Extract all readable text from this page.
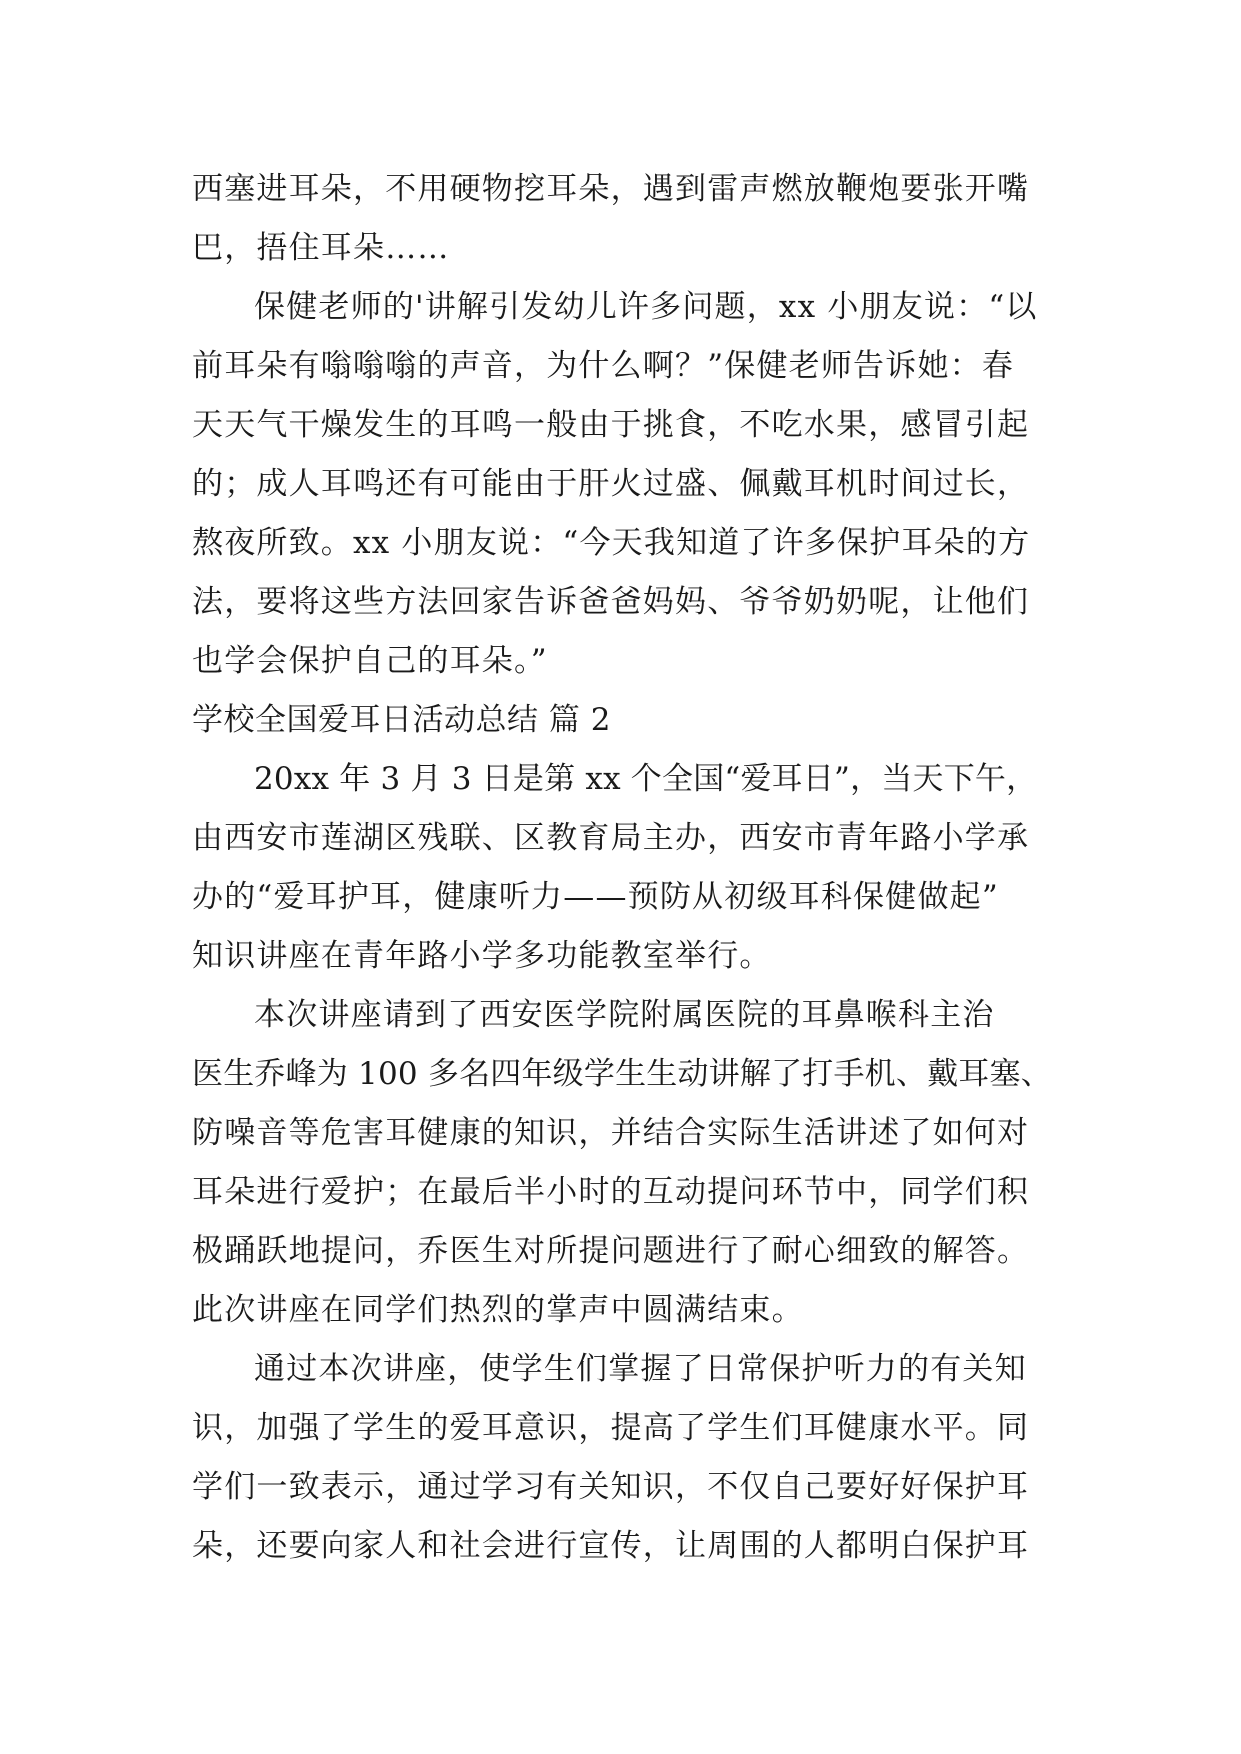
西塞进耳朵，不用硬物挖耳朵，遇到雷声燃放鞭炮要张开嘴
巴，捂住耳朵……
保健老师的'讲解引发幼儿许多问题，xx 小朋友说：“以
前耳朵有嗡嗡嗡的声音，为什么啊？”保健老师告诉她：春
天天气干燥发生的耳鸣一般由于挑食，不吃水果，感冒引起
的；成人耳鸣还有可能由于肝火过盛、佩戴耳机时间过长，
熬夜所致。xx 小朋友说：“今天我知道了许多保护耳朵的方
法，要将这些方法回家告诉爸爸妈妈、爷爷奶奶呢，让他们
也学会保护自己的耳朵。”
学校全国爱耳日活动总结 篇 2
20xx 年 3 月 3 日是第 xx 个全国“爱耳日”，当天下午，
由西安市莲湖区残联、区教育局主办，西安市青年路小学承
办的“爱耳护耳，健康听力——预防从初级耳科保健做起”
知识讲座在青年路小学多功能教室举行。
本次讲座请到了西安医学院附属医院的耳鼻喉科主治
医生乔峰为 100 多名四年级学生生动讲解了打手机、戴耳塞、
防噪音等危害耳健康的知识，并结合实际生活讲述了如何对
耳朵进行爱护；在最后半小时的互动提问环节中，同学们积
极踊跃地提问，乔医生对所提问题进行了耐心细致的解答。
此次讲座在同学们热烈的掌声中圆满结束。
通过本次讲座，使学生们掌握了日常保护听力的有关知
识，加强了学生的爱耳意识，提高了学生们耳健康水平。同
学们一致表示，通过学习有关知识，不仅自己要好好保护耳
朵，还要向家人和社会进行宣传，让周围的人都明白保护耳
